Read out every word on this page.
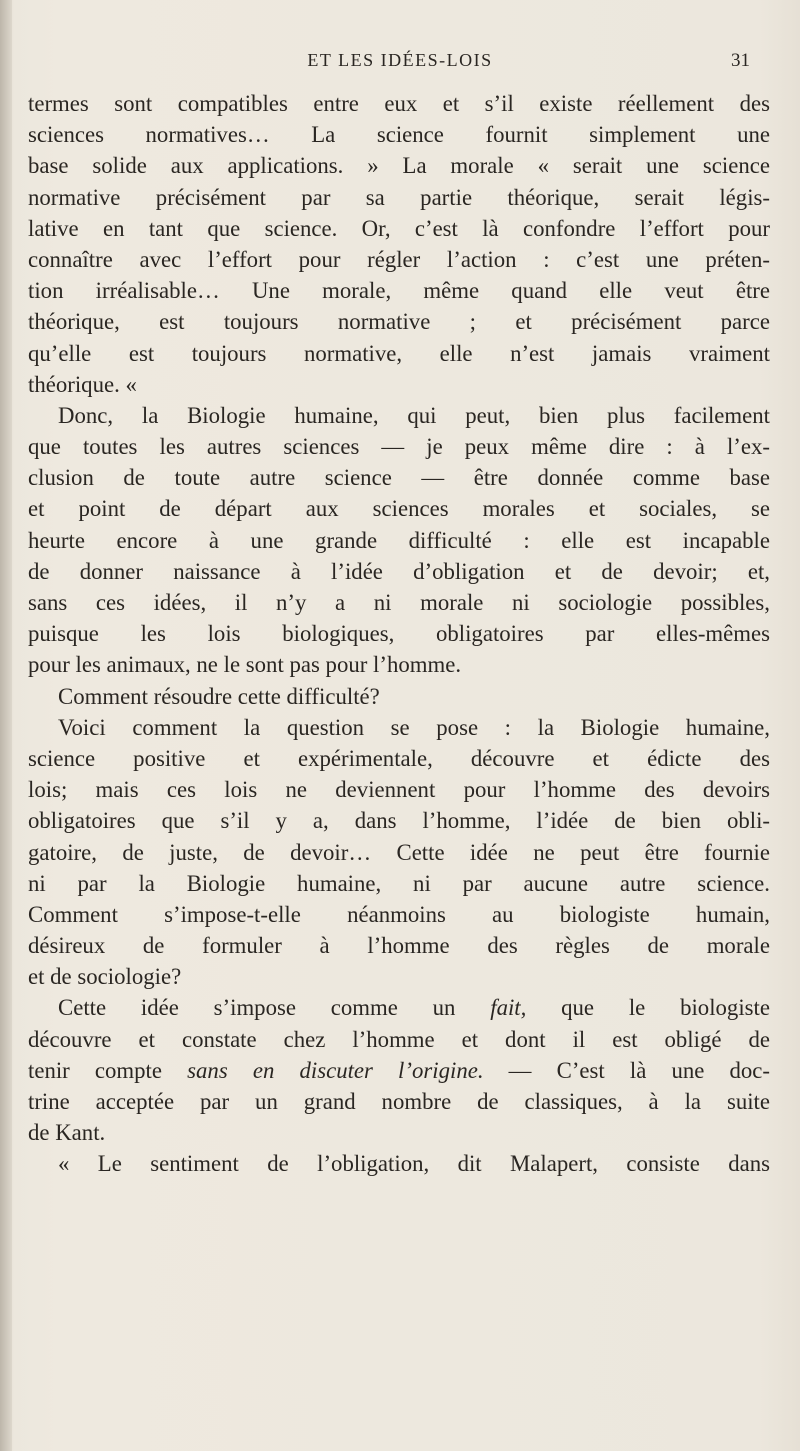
ET LES IDÉES-LOIS	31
termes sont compatibles entre eux et s’il existe réellement des
sciences normatives… La science fournit simplement une
base solide aux applications. » La morale « serait une science
normative précisément par sa partie théorique, serait légis-
lative en tant que science. Or, c’est là confondre l’effort pour
connaître avec l’effort pour régler l’action : c’est une préten-
tion irréalisable… Une morale, même quand elle veut être
théorique, est toujours normative ; et précisément parce
qu’elle est toujours normative, elle n’est jamais vraiment
théorique. «
Donc, la Biologie humaine, qui peut, bien plus facilement
que toutes les autres sciences — je peux même dire : à l’ex-
clusion de toute autre science — être donnée comme base
et point de départ aux sciences morales et sociales, se
heurte encore à une grande difficulté : elle est incapable
de donner naissance à l’idée d’obligation et de devoir; et,
sans ces idées, il n’y a ni morale ni sociologie possibles,
puisque les lois biologiques, obligatoires par elles-mêmes
pour les animaux, ne le sont pas pour l’homme.
Comment résoudre cette difficulté?
Voici comment la question se pose : la Biologie humaine,
science positive et expérimentale, découvre et édicte des
lois; mais ces lois ne deviennent pour l’homme des devoirs
obligatoires que s’il y a, dans l’homme, l’idée de bien obli-
gatoire, de juste, de devoir… Cette idée ne peut être fournie
ni par la Biologie humaine, ni par aucune autre science.
Comment s’impose-t-elle néanmoins au biologiste humain,
désireux de formuler à l’homme des règles de morale
et de sociologie?
Cette idée s’impose comme un fait, que le biologiste
découvre et constate chez l’homme et dont il est obligé de
tenir compte sans en discuter l’origine. — C’est là une doc-
trine acceptée par un grand nombre de classiques, à la suite
de Kant.
« Le sentiment de l’obligation, dit Malapert, consiste dans
